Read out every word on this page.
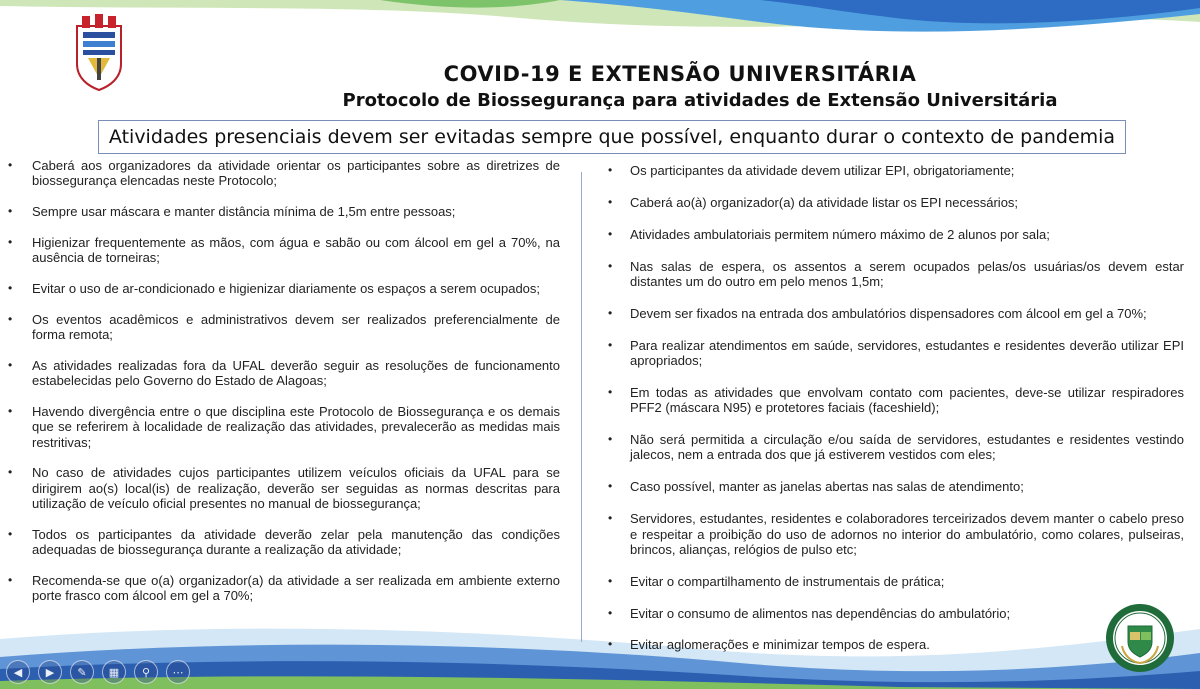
COVID-19 E EXTENSÃO UNIVERSITÁRIA
Protocolo de Biossegurança para atividades de Extensão Universitária
Atividades presenciais devem ser evitadas sempre que possível, enquanto durar o contexto de pandemia
• Caberá aos organizadores da atividade orientar os participantes sobre as diretrizes de biossegurança elencadas neste Protocolo;
• Sempre usar máscara e manter distância mínima de 1,5m entre pessoas;
• Higienizar frequentemente as mãos, com água e sabão ou com álcool em gel a 70%, na ausência de torneiras;
• Evitar o uso de ar-condicionado e higienizar diariamente os espaços a serem ocupados;
• Os eventos acadêmicos e administrativos devem ser realizados preferencialmente de forma remota;
• As atividades realizadas fora da UFAL deverão seguir as resoluções de funcionamento estabelecidas pelo Governo do Estado de Alagoas;
• Havendo divergência entre o que disciplina este Protocolo de Biossegurança e os demais que se referirem à localidade de realização das atividades, prevalecerão as medidas mais restritivas;
• No caso de atividades cujos participantes utilizem veículos oficiais da UFAL para se dirigirem ao(s) local(is) de realização, deverão ser seguidas as normas descritas para utilização de veículo oficial presentes no manual de biossegurança;
• Todos os participantes da atividade deverão zelar pela manutenção das condições adequadas de biossegurança durante a realização da atividade;
• Recomenda-se que o(a) organizador(a) da atividade a ser realizada em ambiente externo porte frasco com álcool em gel a 70%;
• Os participantes da atividade devem utilizar EPI, obrigatoriamente;
• Caberá ao(à) organizador(a) da atividade listar os EPI necessários;
• Atividades ambulatoriais permitem número máximo de 2 alunos por sala;
• Nas salas de espera, os assentos a serem ocupados pelas/os usuárias/os devem estar distantes um do outro em pelo menos 1,5m;
• Devem ser fixados na entrada dos ambulatórios dispensadores com álcool em gel a 70%;
• Para realizar atendimentos em saúde, servidores, estudantes e residentes deverão utilizar EPI apropriados;
• Em todas as atividades que envolvam contato com pacientes, deve-se utilizar respiradores PFF2 (máscara N95) e protetores faciais (faceshield);
• Não será permitida a circulação e/ou saída de servidores, estudantes e residentes vestindo jalecos, nem a entrada dos que já estiverem vestidos com eles;
• Caso possível, manter as janelas abertas nas salas de atendimento;
• Servidores, estudantes, residentes e colaboradores terceirizados devem manter o cabelo preso e respeitar a proibição do uso de adornos no interior do ambulatório, como colares, pulseiras, brincos, alianças, relógios de pulso etc;
• Evitar o compartilhamento de instrumentais de prática;
• Evitar o consumo de alimentos nas dependências do ambulatório;
• Evitar aglomerações e minimizar tempos de espera.
◀	▶	✎	▦	⚲	⋯
